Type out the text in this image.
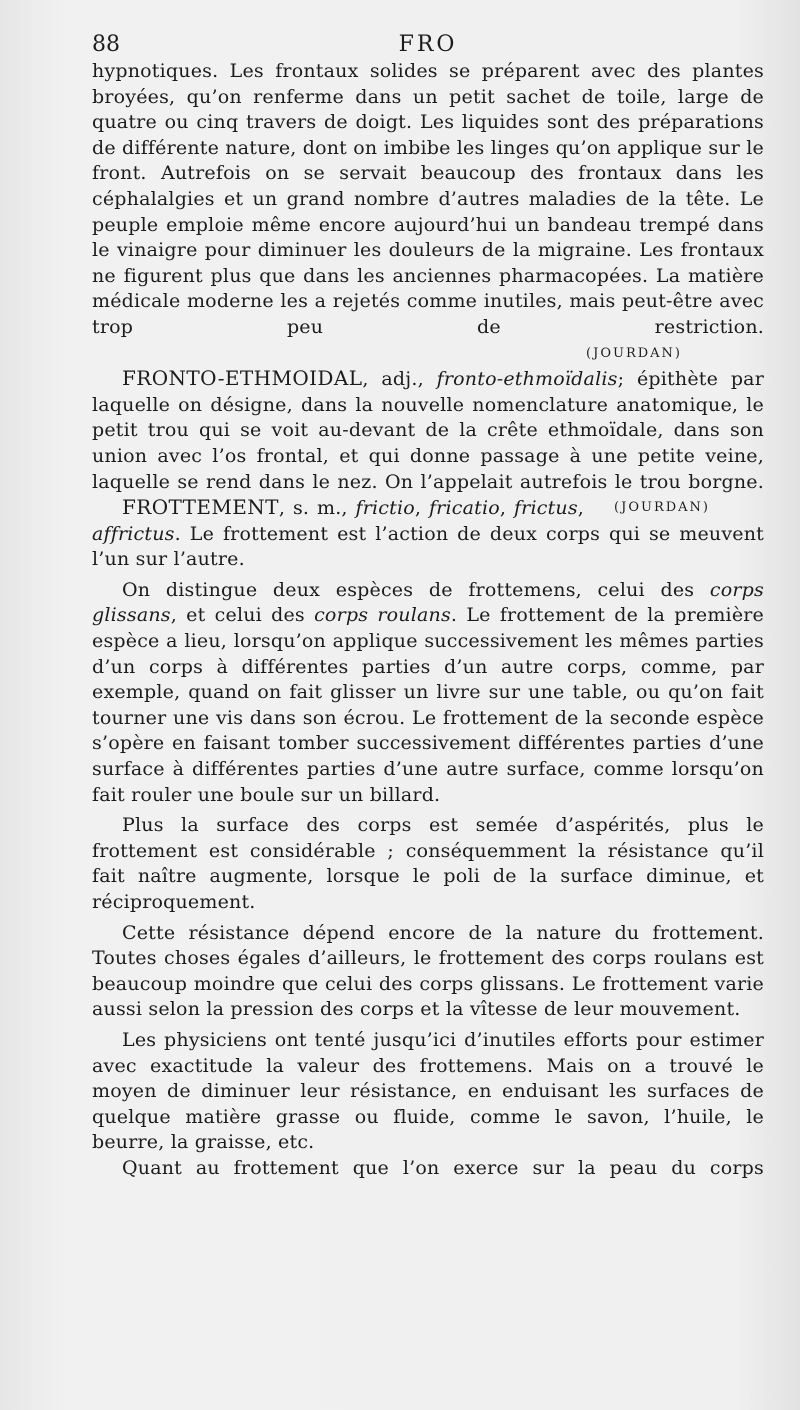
88	FRO

hypnotiques. Les frontaux solides se préparent avec des plantes broyées, qu’on renferme dans un petit sachet de toile, large de quatre ou cinq travers de doigt. Les liquides sont des préparations de différente nature, dont on imbibe les linges qu’on applique sur le front. Autrefois on se servait beaucoup des frontaux dans les céphalalgies et un grand nombre d’autres maladies de la tête. Le peuple emploie même encore aujourd’hui un bandeau trempé dans le vinaigre pour diminuer les douleurs de la migraine. Les frontaux ne figurent plus que dans les anciennes pharmacopées. La matière médicale moderne les a rejetés comme inutiles, mais peut-être avec trop peu de restriction.

(JOURDAN)

FRONTO-ETHMOIDAL, adj., fronto-ethmoïdalis; épithète par laquelle on désigne, dans la nouvelle nomenclature anatomique, le petit trou qui se voit au-devant de la crête ethmoïdale, dans son union avec l’os frontal, et qui donne passage à une petite veine, laquelle se rend dans le nez. On l’appelait autrefois le trou borgne.
(JOURDAN)

FROTTEMENT, s. m., frictio, fricatio, frictus, affrictus. Le frottement est l’action de deux corps qui se meuvent l’un sur l’autre.

On distingue deux espèces de frottemens, celui des corps glissans, et celui des corps roulans. Le frottement de la première espèce a lieu, lorsqu’on applique successivement les mêmes parties d’un corps à différentes parties d’un autre corps, comme, par exemple, quand on fait glisser un livre sur une table, ou qu’on fait tourner une vis dans son écrou. Le frottement de la seconde espèce s’opère en faisant tomber successivement différentes parties d’une surface à différentes parties d’une autre surface, comme lorsqu’on fait rouler une boule sur un billard.

Plus la surface des corps est semée d’aspérités, plus le frottement est considérable ; conséquemment la résistance qu’il fait naître augmente, lorsque le poli de la surface diminue, et réciproquement.

Cette résistance dépend encore de la nature du frottement. Toutes choses égales d’ailleurs, le frottement des corps roulans est beaucoup moindre que celui des corps glissans. Le frottement varie aussi selon la pression des corps et la vîtesse de leur mouvement.

Les physiciens ont tenté jusqu’ici d’inutiles efforts pour estimer avec exactitude la valeur des frottemens. Mais on a trouvé le moyen de diminuer leur résistance, en enduisant les surfaces de quelque matière grasse ou fluide, comme le savon, l’huile, le beurre, la graisse, etc.

Quant au frottement que l’on exerce sur la peau du corps
